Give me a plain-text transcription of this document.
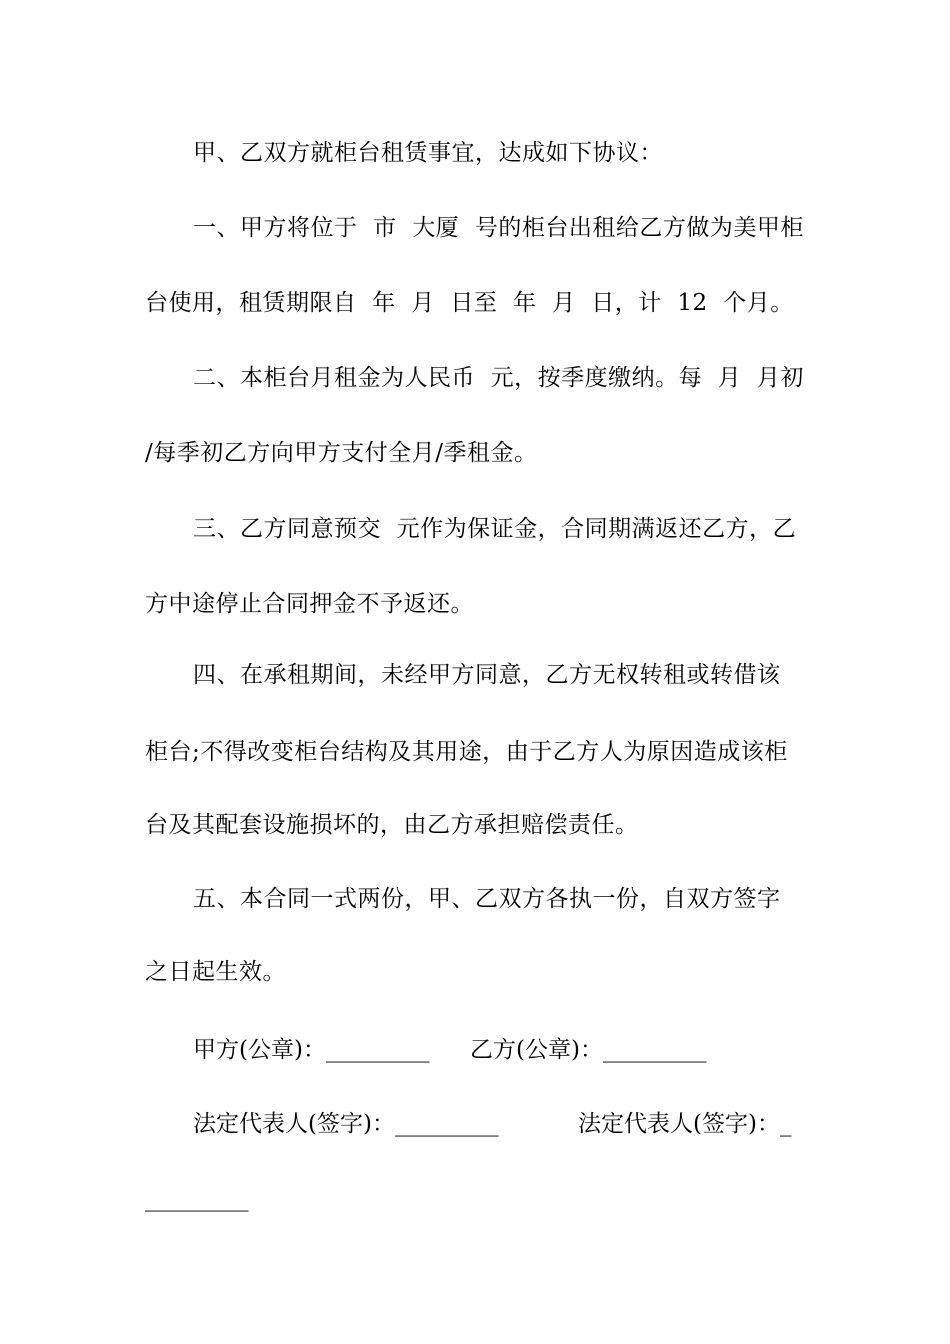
甲、乙双方就柜台租赁事宜，达成如下协议：
一、甲方将位于  市  大厦  号的柜台出租给乙方做为美甲柜
台使用，租赁期限自  年  月  日至  年  月  日，计  12  个月。
二、本柜台月租金为人民币  元，按季度缴纳。每  月  月初
/每季初乙方向甲方支付全月/季租金。
三、乙方同意预交  元作为保证金，合同期满返还乙方，乙
方中途停止合同押金不予返还。
四、在承租期间，未经甲方同意，乙方无权转租或转借该
柜台;不得改变柜台结构及其用途，由于乙方人为原因造成该柜
台及其配套设施损坏的，由乙方承担赔偿责任。
五、本合同一式两份，甲、乙双方各执一份，自双方签字
之日起生效。
甲方(公章)：_________ 乙方(公章)：_________
法定代表人(签字)：_________	法定代表人(签字)：_
_________
